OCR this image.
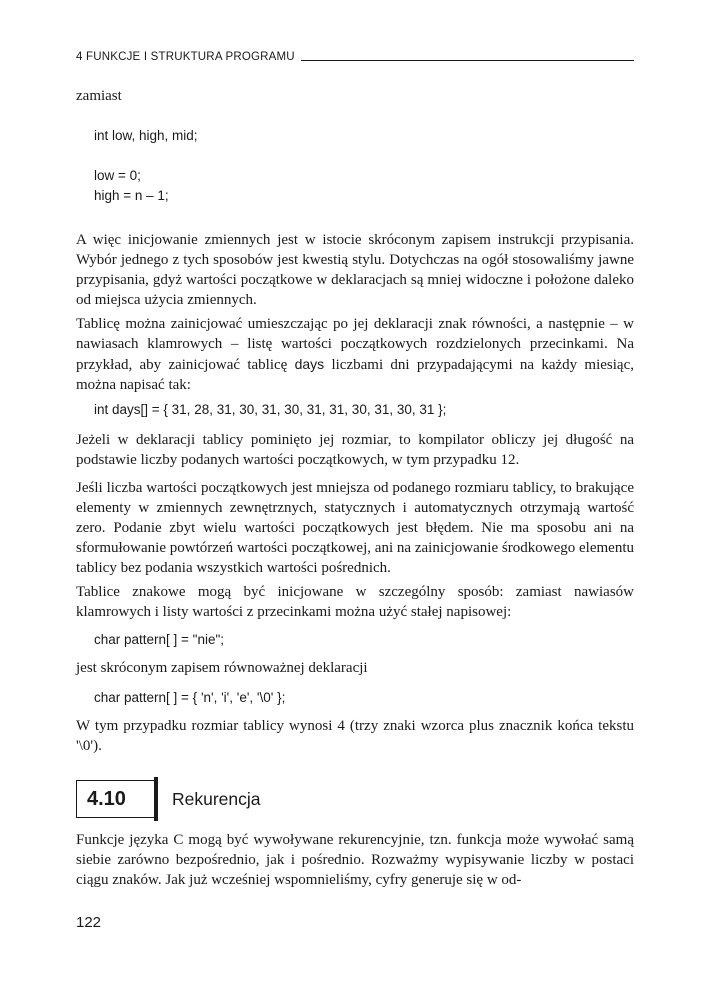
4 FUNKCJE I STRUKTURA PROGRAMU

zamiast

int low, high, mid;
low = 0;
high = n – 1;

A więc inicjowanie zmiennych jest w istocie skróconym zapisem instrukcji przypisania. Wybór jednego z tych sposobów jest kwestią stylu. Dotychczas na ogół stosowaliśmy jawne przypisania, gdyż wartości początkowe w deklaracjach są mniej widoczne i położone daleko od miejsca użycia zmiennych.

Tablicę można zainicjować umieszczając po jej deklaracji znak równości, a następnie – w nawiasach klamrowych – listę wartości początkowych rozdzielonych przecinkami. Na przykład, aby zainicjować tablicę days liczbami dni przypadającymi na każdy miesiąc, można napisać tak:

int days[] = { 31, 28, 31, 30, 31, 30, 31, 31, 30, 31, 30, 31 };

Jeżeli w deklaracji tablicy pominięto jej rozmiar, to kompilator obliczy jej długość na podstawie liczby podanych wartości początkowych, w tym przypadku 12.

Jeśli liczba wartości początkowych jest mniejsza od podanego rozmiaru tablicy, to brakujące elementy w zmiennych zewnętrznych, statycznych i automatycznych otrzymają wartość zero. Podanie zbyt wielu wartości początkowych jest błędem. Nie ma sposobu ani na sformułowanie powtórzeń wartości początkowej, ani na zainicjowanie środkowego elementu tablicy bez podania wszystkich wartości pośrednich.

Tablice znakowe mogą być inicjowane w szczególny sposób: zamiast nawiasów klamrowych i listy wartości z przecinkami można użyć stałej napisowej:

char pattern[ ] = "nie";

jest skróconym zapisem równoważnej deklaracji

char pattern[ ] = { 'n', 'i', 'e', '\0' };

W tym przypadku rozmiar tablicy wynosi 4 (trzy znaki wzorca plus znacznik końca tekstu '\0').

4.10	Rekurencja

Funkcje języka C mogą być wywoływane rekurencyjnie, tzn. funkcja może wywołać samą siebie zarówno bezpośrednio, jak i pośrednio. Rozważmy wypisywanie liczby w postaci ciągu znaków. Jak już wcześniej wspomnieliśmy, cyfry generuje się w od-

122
